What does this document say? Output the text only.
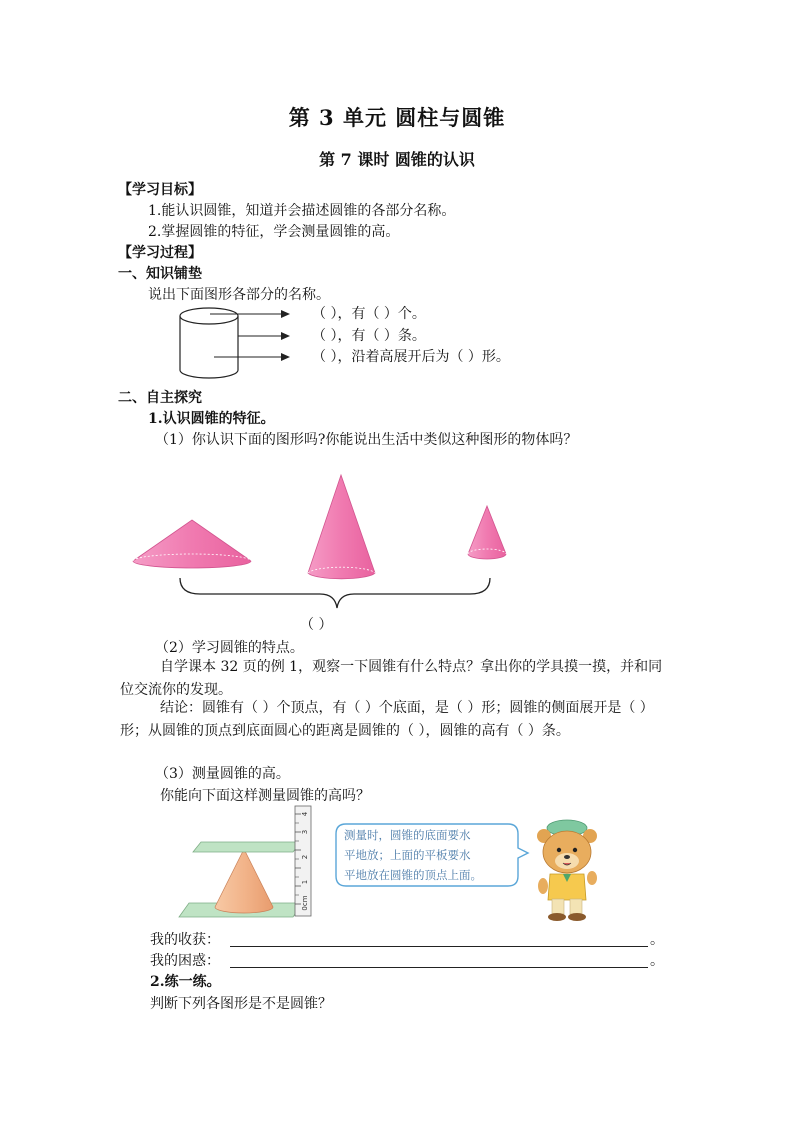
第 3 单元 圆柱与圆锥
第 7 课时 圆锥的认识
【学习目标】
1.能认识圆锥，知道并会描述圆锥的各部分名称。
2.掌握圆锥的特征，学会测量圆锥的高。
【学习过程】
一、知识铺垫
说出下面图形各部分的名称。
（ ），有（ ）个。
（ ），有（ ）条。
（ ），沿着高展开后为（ ）形。
二、自主探究
1.认识圆锥的特征。
（1）你认识下面的图形吗?你能说出生活中类似这种图形的物体吗？
（ ）
（2）学习圆锥的特点。
自学课本 32 页的例 1，观察一下圆锥有什么特点？拿出你的学具摸一摸，并和同位交流你的发现。
结论：圆锥有（ ）个顶点，有（ ）个底面，是（ ）形；圆锥的侧面展开是（ ）形；从圆锥的顶点到底面圆心的距离是圆锥的（ ），圆锥的高有（ ）条。
（3）测量圆锥的高。
你能向下面这样测量圆锥的高吗？
4
3
2
1
0cm
测量时，圆锥的底面要水
平地放；上面的平板要水
平地放在圆锥的顶点上面。
我的收获：	。
我的困惑：	。
2.练一练。
判断下列各图形是不是圆锥？
